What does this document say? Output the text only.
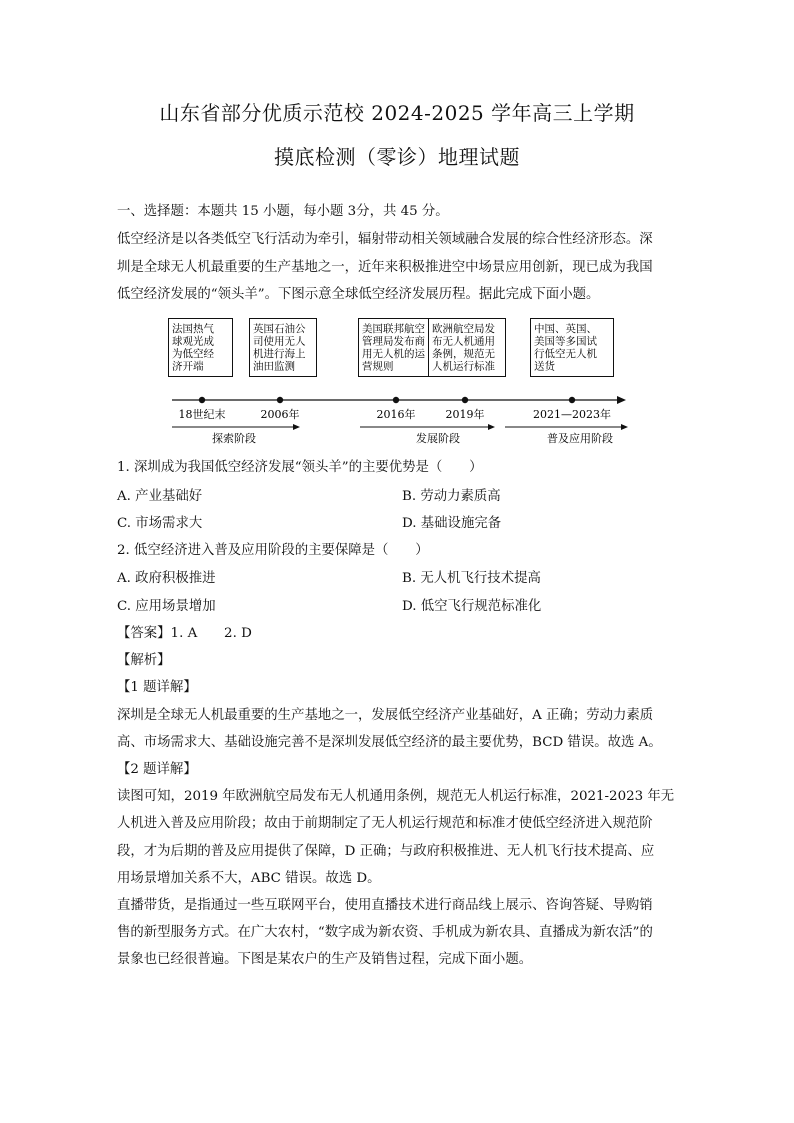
山东省部分优质示范校 2024-2025 学年高三上学期
摸底检测（零诊）地理试题
一、选择题：本题共 15 小题，每小题 3分，共 45 分。
低空经济是以各类低空飞行活动为牵引，辐射带动相关领域融合发展的综合性经济形态。深
圳是全球无人机最重要的生产基地之一，近年来积极推进空中场景应用创新，现已成为我国
低空经济发展的“领头羊”。下图示意全球低空经济发展历程。据此完成下面小题。
法国热气
球观光成
为低空经
济开端
英国石油公
司使用无人
机进行海上
油田监测
美国联邦航空
管理局发布商
用无人机的运
营规则
欧洲航空局发
布无人机通用
条例，规范无
人机运行标准
中国、英国、
美国等多国试
行低空无人机
送货
18世纪末	2006年	2016年	2019年	2021—2023年
探索阶段	发展阶段	普及应用阶段
1. 深圳成为我国低空经济发展“领头羊”的主要优势是（　　）
A. 产业基础好	B. 劳动力素质高
C. 市场需求大	D. 基础设施完备
2. 低空经济进入普及应用阶段的主要保障是（　　）
A. 政府积极推进	B. 无人机飞行技术提高
C. 应用场景增加	D. 低空飞行规范标准化
【答案】1. A　　2. D
【解析】
【1 题详解】
深圳是全球无人机最重要的生产基地之一，发展低空经济产业基础好，A 正确；劳动力素质
高、市场需求大、基础设施完善不是深圳发展低空经济的最主要优势，BCD 错误。故选 A。
【2 题详解】
读图可知，2019 年欧洲航空局发布无人机通用条例，规范无人机运行标准，2021-2023 年无
人机进入普及应用阶段；故由于前期制定了无人机运行规范和标准才使低空经济进入规范阶
段，才为后期的普及应用提供了保障，D 正确；与政府积极推进、无人机飞行技术提高、应
用场景增加关系不大，ABC 错误。故选 D。
直播带货，是指通过一些互联网平台，使用直播技术进行商品线上展示、咨询答疑、导购销
售的新型服务方式。在广大农村，“数字成为新农资、手机成为新农具、直播成为新农活”的
景象也已经很普遍。下图是某农户的生产及销售过程，完成下面小题。
